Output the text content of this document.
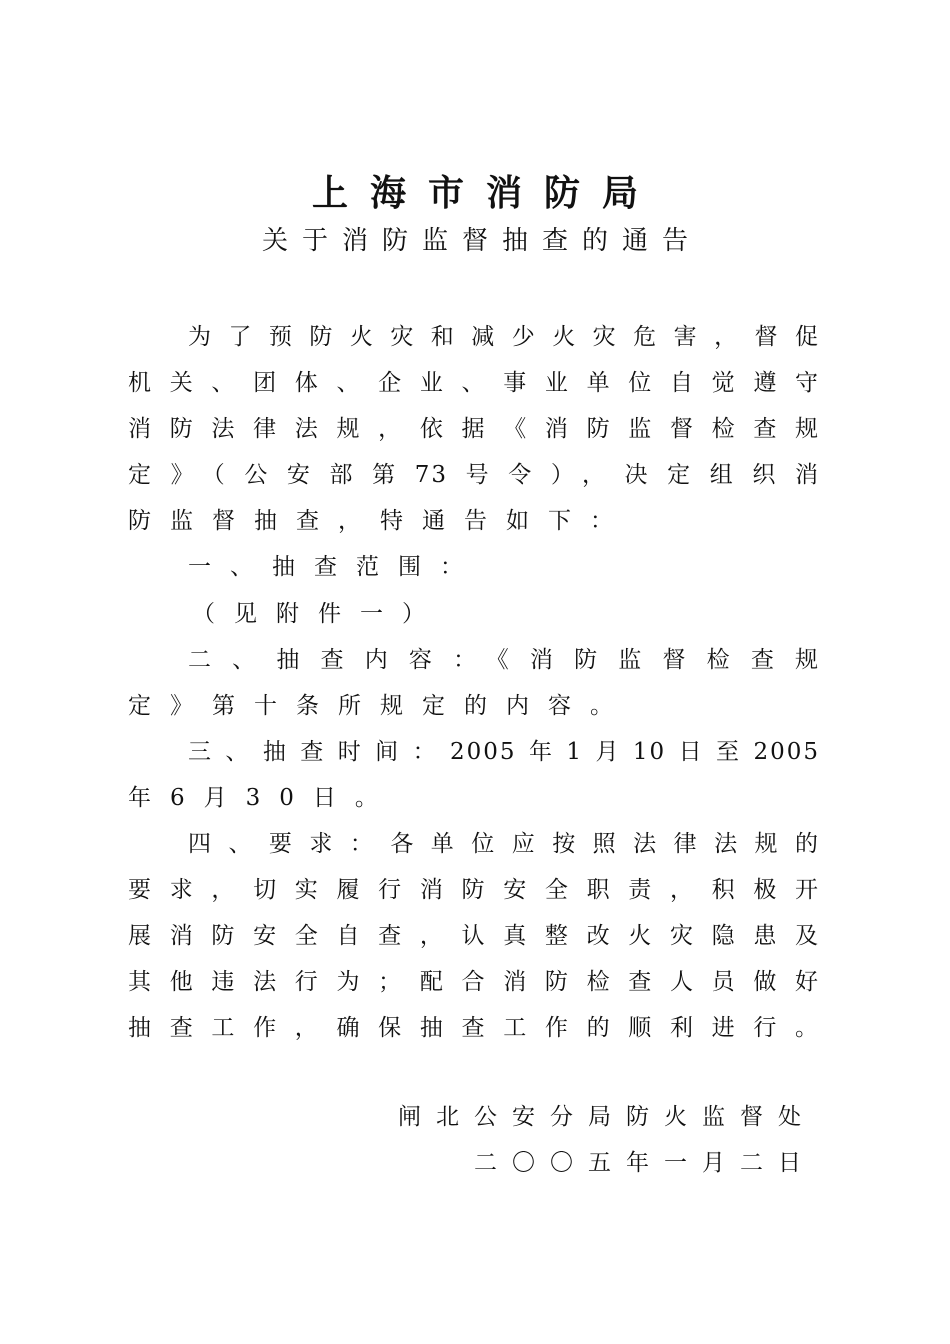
上海市消防局
关于消防监督抽查的通告
为了预防火灾和减少火灾危害，督促
机关、团体、企业、事业单位自觉遵守
消防法律法规，依据《消防监督检查规
定》（公安部第73号令），决定组织消
防监督抽查，特通告如下：
一、抽查范围：
（见附件一）
二、抽查内容：《消防监督检查规
定》第十条所规定的内容。
三、抽查时间：2005年1月10日至2005
年6月30日。
四、要求：各单位应按照法律法规的
要求，切实履行消防安全职责，积极开
展消防安全自查，认真整改火灾隐患及
其他违法行为；配合消防检查人员做好
抽查工作，确保抽查工作的顺利进行。
闸北公安分局防火监督处
二〇〇五年一月二日
